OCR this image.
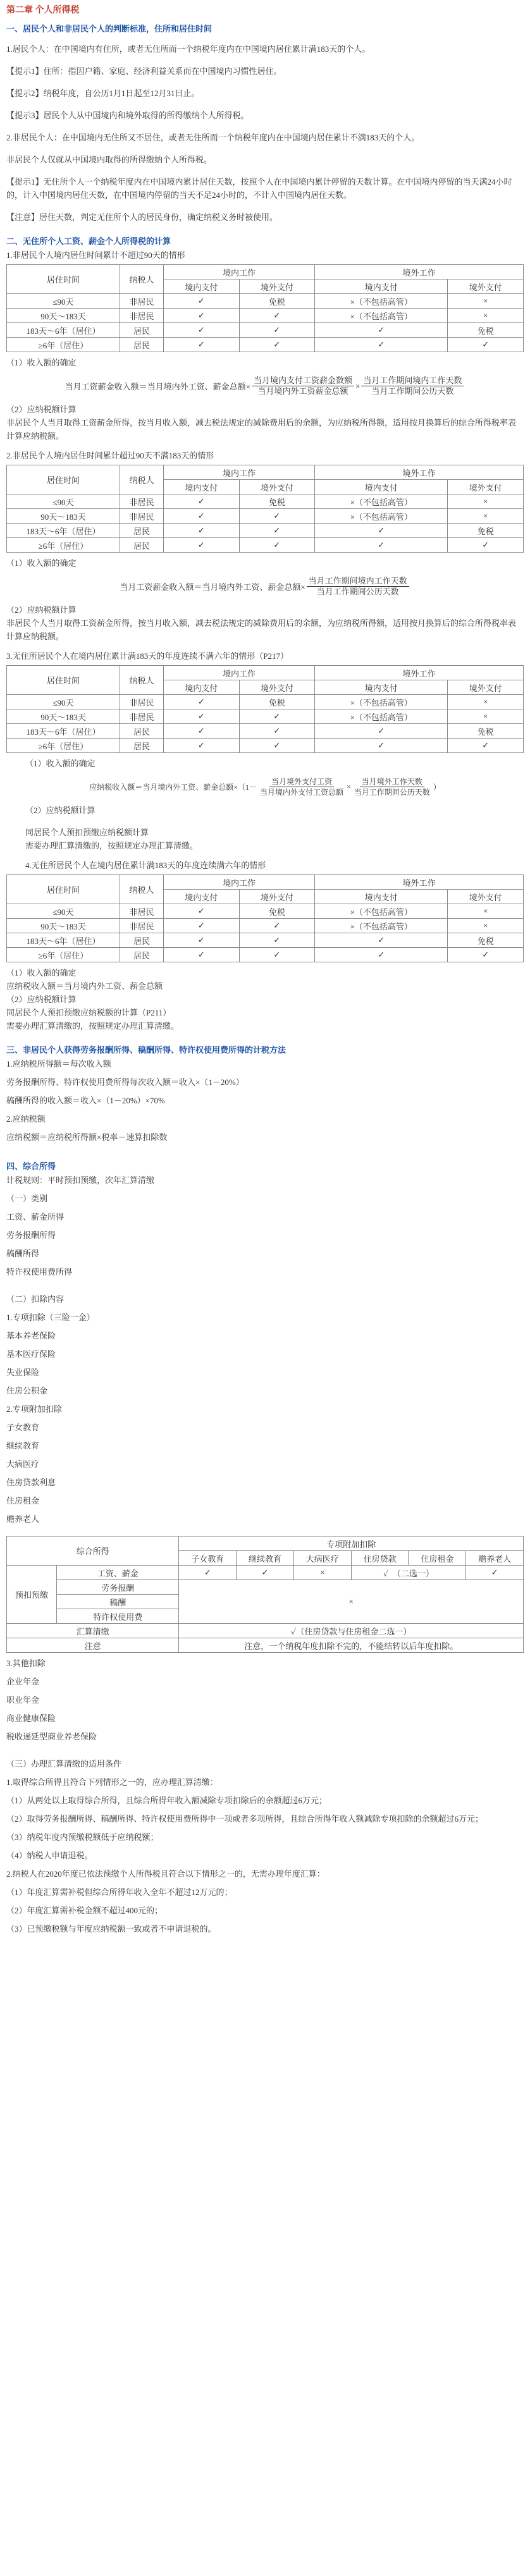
第二章 个人所得税

一、居民个人和非居民个人的判断标准，住所和居住时间

1.居民个人：在中国境内有住所，或者无住所而一个纳税年度内在中国境内居住累计满183天的个人。

【提示1】住所：指因户籍、家庭、经济利益关系而在中国境内习惯性居住。

【提示2】纳税年度，自公历1月1日起至12月31日止。

【提示3】居民个人从中国境内和境外取得的所得缴纳个人所得税。

2.非居民个人：在中国境内无住所又不居住，或者无住所而一个纳税年度内在中国境内居住累计不满183天的个人。

非居民个人仅就从中国境内取得的所得缴纳个人所得税。

【提示1】无住所个人一个纳税年度内在中国境内累计居住天数，按照个人在中国境内累计停留的天数计算。在中国境内停留的当天满24小时的，计入中国境内居住天数，在中国境内停留的当天不足24小时的，不计入中国境内居住天数。

【注意】居住天数，判定无住所个人的居民身份，确定纳税义务时被使用。

二、无住所个人工资、薪金个人所得税的计算

1.非居民个人境内居住时间累计不超过90天的情形

居住时间	纳税人	境内工作		境外工作	
		境内支付	境外支付	境内支付	境外支付
≤90天	非居民	✓	免税	×（不包括高管）	×
90天～183天	非居民	✓	✓	×（不包括高管）	×
183天～6年（居住）	居民	✓	✓	✓	免税
≥6年（居住）	居民	✓	✓	✓	✓

（1）收入额的确定

当月工资薪金收入额＝当月境内外工资、薪金总额× $\frac{\text{当月境内支付工资薪金数额}}{\text{当月境内外工资薪金总额}} \times \frac{\text{当月工作期间境内工作天数}}{\text{当月工作期间公历天数}}$

（2）应纳税额计算

非居民个人当月取得工资薪金所得，按当月收入额，减去税法规定的减除费用后的余额，为应纳税所得额，适用按月换算后的综合所得税率表计算应纳税额。

2.非居民个人境内居住时间累计超过90天不满183天的情形

居住时间	纳税人	境内工作		境外工作	
		境内支付	境外支付	境内支付	境外支付
≤90天	非居民	✓	免税	×（不包括高管）	×
90天～183天	非居民	✓	✓	×（不包括高管）	×
183天～6年（居住）	居民	✓	✓	✓	免税
≥6年（居住）	居民	✓	✓	✓	✓

（1）收入额的确定

当月工资薪金收入额＝当月境内外工资、薪金总额× $\frac{\text{当月工作期间境内工作天数}}{\text{当月工作期间公历天数}}$

（2）应纳税额计算

非居民个人当月取得工资薪金所得，按当月收入额，减去税法规定的减除费用后的余额，为应纳税所得额，适用按月换算后的综合所得税率表计算应纳税额。

3.无住所居民个人在境内居住累计满183天的年度连续不满六年的情形（P217）

居住时间	纳税人	境内工作		境外工作	
		境内支付	境外支付	境内支付	境外支付
≤90天	非居民	✓	免税	×（不包括高管）	×
90天～183天	非居民	✓	✓	×（不包括高管）	×
183天～6年（居住）	居民	✓	✓	✓	免税
≥6年（居住）	居民	✓	✓	✓	✓

（1）收入额的确定

应纳税收入额＝当月境内外工资、薪金总额$\times(1- \frac{\text{当月境外支付工资}}{\text{当月境内外支付工资总额}} \times \frac{\text{当月境外工作天数}}{\text{当月工作期间公历天数}}$ ）

（2）应纳税额计算

同居民个人预扣预缴应纳税额计算

需要办理汇算清缴的，按照规定办理汇算清缴。

4.无住所居民个人在境内居住累计满183天的年度连续满六年的情形

居住时间	纳税人	境内工作		境外工作	
		境内支付	境外支付	境内支付	境外支付
≤90天	非居民	✓	免税	×（不包括高管）	×
90天～183天	非居民	✓	✓	×（不包括高管）	×
183天～6年（居住）	居民	✓	✓	✓	免税
≥6年（居住）	居民	✓	✓	✓	✓

（1）收入额的确定

应纳税收入额＝当月境内外工资、薪金总额

（2）应纳税额计算

同居民个人预扣预缴应纳税额的计算（P211）

需要办理汇算清缴的，按照规定办理汇算清缴。

三、非居民个人获得劳务报酬所得、稿酬所得、特许权使用费所得的计税方法

1.应纳税所得额＝每次收入额

劳务报酬所得、特许权使用费所得每次收入额＝收入×（1－20%）

稿酬所得的收入额＝收入×（1－20%）×70%

2.应纳税额

应纳税额＝应纳税所得额×税率－速算扣除数

四、综合所得

计税规则：平时预扣预缴，次年汇算清缴

（一）类别

工资、薪金所得

劳务报酬所得

稿酬所得

特许权使用费所得

（二）扣除内容

1.专项扣除（三险一金）

基本养老保险

基本医疗保险

失业保险

住房公积金

2.专项附加扣除

子女教育

继续教育

大病医疗

住房贷款利息

住房租金

赡养老人

综合所得		专项附加扣除					
		子女教育	继续教育	大病医疗	住房贷款	住房租金	赡养老人
预扣预缴	工资、薪金	✓	✓	×	✓ （二选一）		✓
	劳务报酬	×					
	稿酬						
	特许权使用费						
汇算清缴		✓（住房贷款与住房租金二选一）					
注意		注意，一个纳税年度扣除不完的，不能结转以后年度扣除。					

3.其他扣除

企业年金

职业年金

商业健康保险

税收递延型商业养老保险

（三）办理汇算清缴的适用条件

1.取得综合所得且符合下列情形之一的，应办理汇算清缴：

（1）从两处以上取得综合所得，且综合所得年收入额减除专项扣除后的余额超过6万元；

（2）取得劳务报酬所得、稿酬所得、特许权使用费所得中一项或者多项所得，且综合所得年收入额减除专项扣除的余额超过6万元；

（3）纳税年度内预缴税额低于应纳税额；

（4）纳税人申请退税。

2.纳税人在2020年度已依法预缴个人所得税且符合以下情形之一的，无需办理年度汇算：

（1）年度汇算需补税但综合所得年收入全年不超过12万元的；

（2）年度汇算需补税金额不超过400元的；

（3）已预缴税额与年度应纳税额一致或者不申请退税的。
